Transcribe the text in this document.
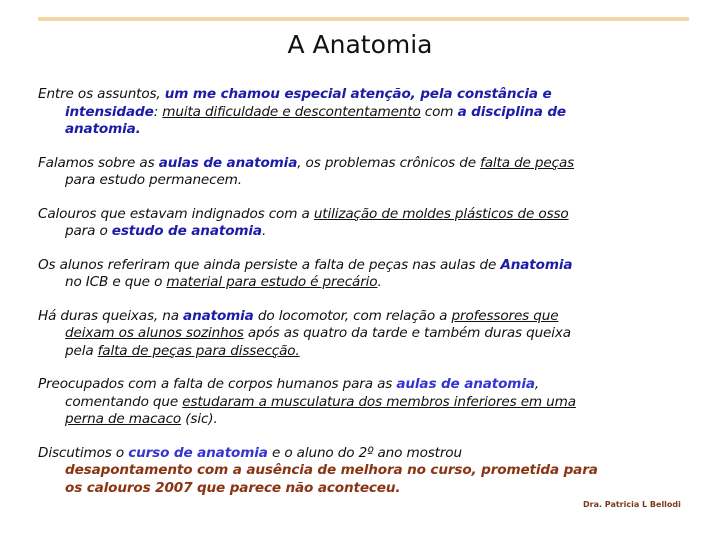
A Anatomia
Entre os assuntos, um me chamou especial atenção, pela constância e
intensidade: muita dificuldade e descontentamento com a disciplina de
anatomia.
Falamos sobre as aulas de anatomia, os problemas crônicos de falta de peças
para estudo permanecem.
Calouros que estavam indignados com a utilização de moldes plásticos de osso
para o estudo de anatomia.
Os alunos referiram que ainda persiste a falta de peças nas aulas de Anatomia
no ICB e que o material para estudo é precário.
Há duras queixas, na anatomia do locomotor, com relação a professores que
deixam os alunos sozinhos após as quatro da tarde e também duras queixa
pela falta de peças para dissecção.
Preocupados com a falta de corpos humanos para as aulas de anatomia,
comentando que estudaram a musculatura dos membros inferiores em uma
perna de macaco (sic).
Discutimos o curso de anatomia e o aluno do 2º ano mostrou
desapontamento com a ausência de melhora no curso, prometida para
os calouros 2007 que parece não aconteceu.
Dra. Patricia L Bellodi
